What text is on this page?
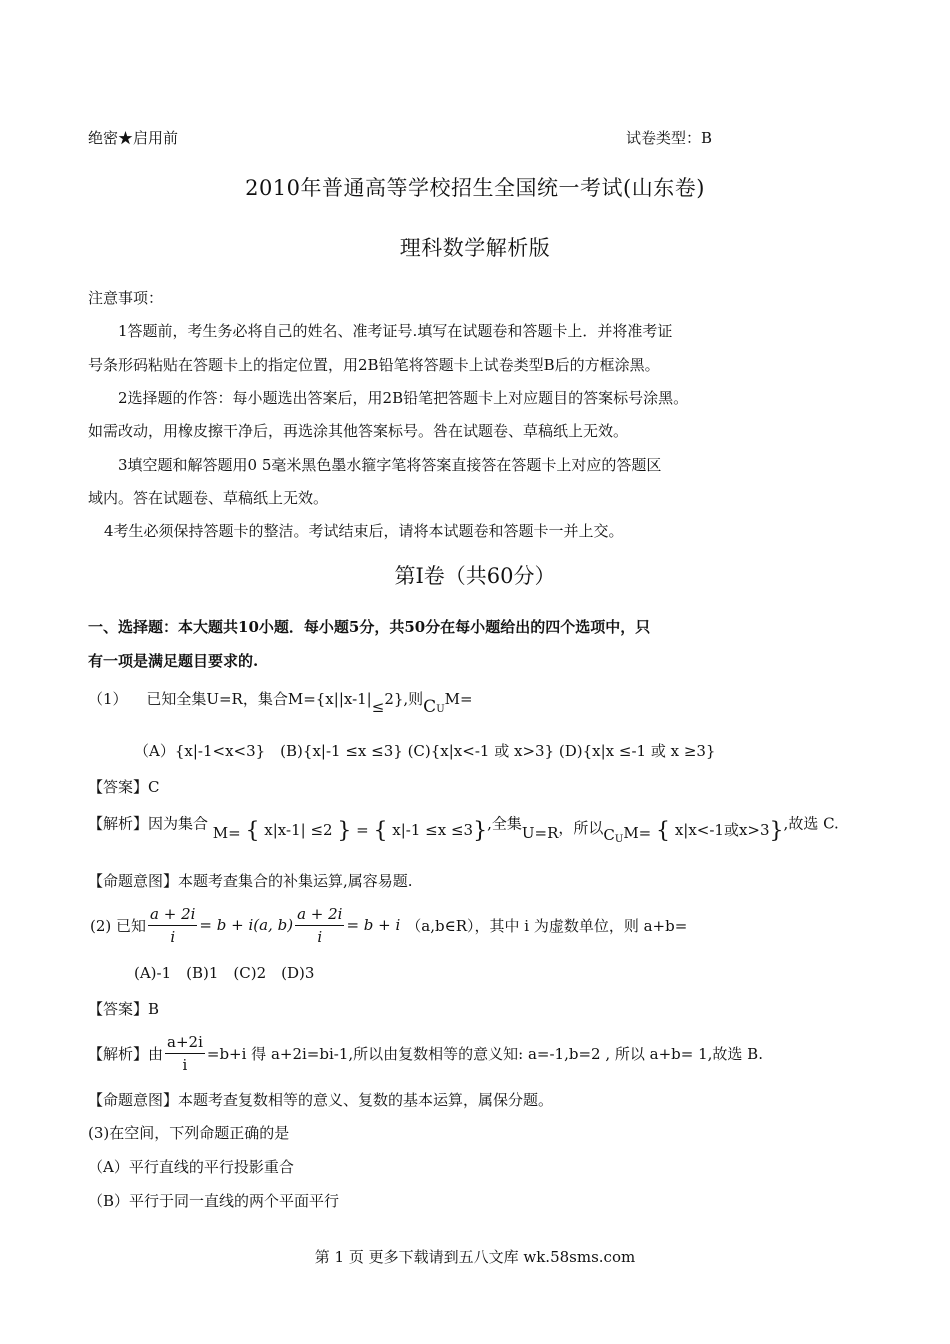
绝密★启用前	试卷类型：B
2010年普通高等学校招生全国统一考试(山东卷)
理科数学解析版
注意事项：
1答题前，考生务必将自己的姓名、准考证号.填写在试题卷和答题卡上．并将准考证
号条形码粘贴在答题卡上的指定位置，用2B铅笔将答题卡上试卷类型B后的方框涂黑。
2选择题的作答：每小题选出答案后，用2B铅笔把答题卡上对应题目的答案标号涂黑。
如需改动，用橡皮擦干净后，再选涂其他答案标号。咎在试题卷、草稿纸上无效。
3填空题和解答题用0 5毫米黑色墨水箍字笔将答案直接答在答题卡上对应的答题区
域内。答在试题卷、草稿纸上无效。
4考生必须保持答题卡的整洁。考试结束后，请将本试题卷和答题卡一并上交。
第Ⅰ卷（共60分）
一、选择题：本大题共10小题．每小题5分，共50分在每小题给出的四个选项中，只
有一项是满足题目要求的.
（1） 已知全集U=R，集合M={x||x-1|≤2},则$C_UM=$
（A）{x|-1<x<3}　(B){x|-1 ≤x ≤3} (C){x|x<-1 或 x>3} (D){x|x ≤-1 或 x ≥3}
【答案】C
【解析】因为集合 M= { x|x-1| ≤2 } = { x|-1 ≤x ≤3},全集U=R，所以$C_UM=$ { x|x<-1或x>3},故选 C.
【命题意图】本题考查集合的补集运算,属容易题.
(2) 已知 $\frac{a + 2i}{i} = b + i(a$, $b) \frac{a + 2i}{i} = b + i$ （a,b∈R），其中 i 为虚数单位，则 a+b=
(A)-1　(B)1　(C)2　(D)3
【答案】B
【解析】由 $\frac{a+2i}{i} =b+i$ 得 a+2i=bi-1,所以由复数相等的意义知: a=-1,b=2 , 所以 a+b= 1,故选 B.
【命题意图】本题考查复数相等的意义、复数的基本运算，属保分题。
(3)在空间，下列命题正确的是
（A）平行直线的平行投影重合
（B）平行于同一直线的两个平面平行
第 1 页 更多下载请到五八文库 wk.58sms.com
